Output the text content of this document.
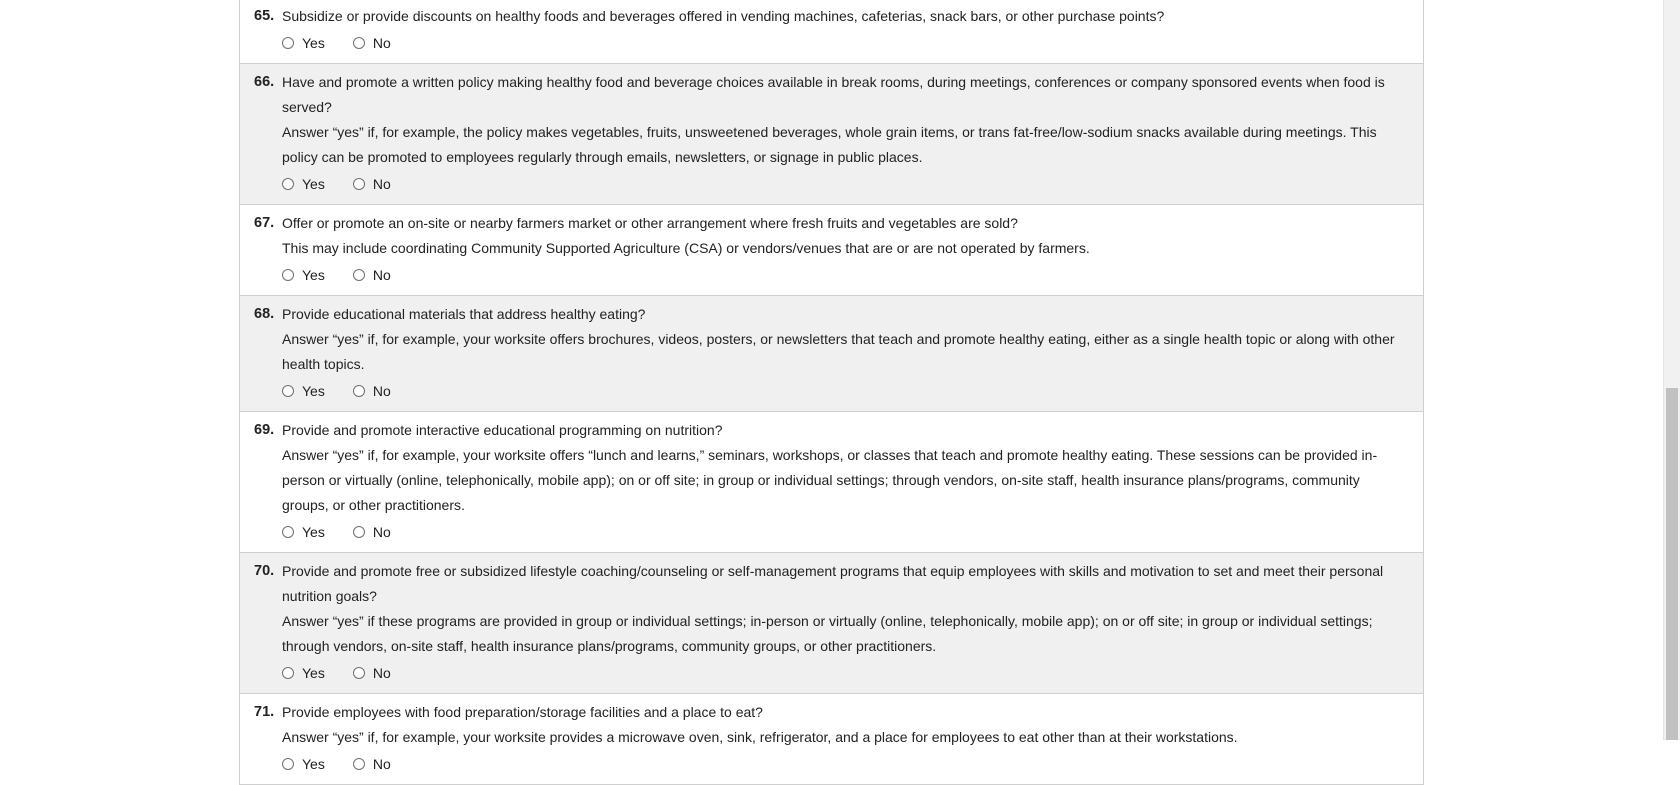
65. Subsidize or provide discounts on healthy foods and beverages offered in vending machines, cafeterias, snack bars, or other purchase points?

Yes	No
66. Have and promote a written policy making healthy food and beverage choices available in break rooms, during meetings, conferences or company sponsored events when food is served?

Answer “yes” if, for example, the policy makes vegetables, fruits, unsweetened beverages, whole grain items, or trans fat-free/low-sodium snacks available during meetings. This policy can be promoted to employees regularly through emails, newsletters, or signage in public places.

Yes	No
67. Offer or promote an on-site or nearby farmers market or other arrangement where fresh fruits and vegetables are sold?

This may include coordinating Community Supported Agriculture (CSA) or vendors/venues that are or are not operated by farmers.

Yes	No
68. Provide educational materials that address healthy eating?

Answer “yes” if, for example, your worksite offers brochures, videos, posters, or newsletters that teach and promote healthy eating, either as a single health topic or along with other health topics.

Yes	No
69. Provide and promote interactive educational programming on nutrition?

Answer “yes” if, for example, your worksite offers “lunch and learns,” seminars, workshops, or classes that teach and promote healthy eating. These sessions can be provided in-person or virtually (online, telephonically, mobile app); on or off site; in group or individual settings; through vendors, on-site staff, health insurance plans/programs, community groups, or other practitioners.

Yes	No
70. Provide and promote free or subsidized lifestyle coaching/counseling or self-management programs that equip employees with skills and motivation to set and meet their personal nutrition goals?

Answer “yes” if these programs are provided in group or individual settings; in-person or virtually (online, telephonically, mobile app); on or off site; in group or individual settings; through vendors, on-site staff, health insurance plans/programs, community groups, or other practitioners.

Yes	No
71. Provide employees with food preparation/storage facilities and a place to eat?

Answer “yes” if, for example, your worksite provides a microwave oven, sink, refrigerator, and a place for employees to eat other than at their workstations.

Yes	No
